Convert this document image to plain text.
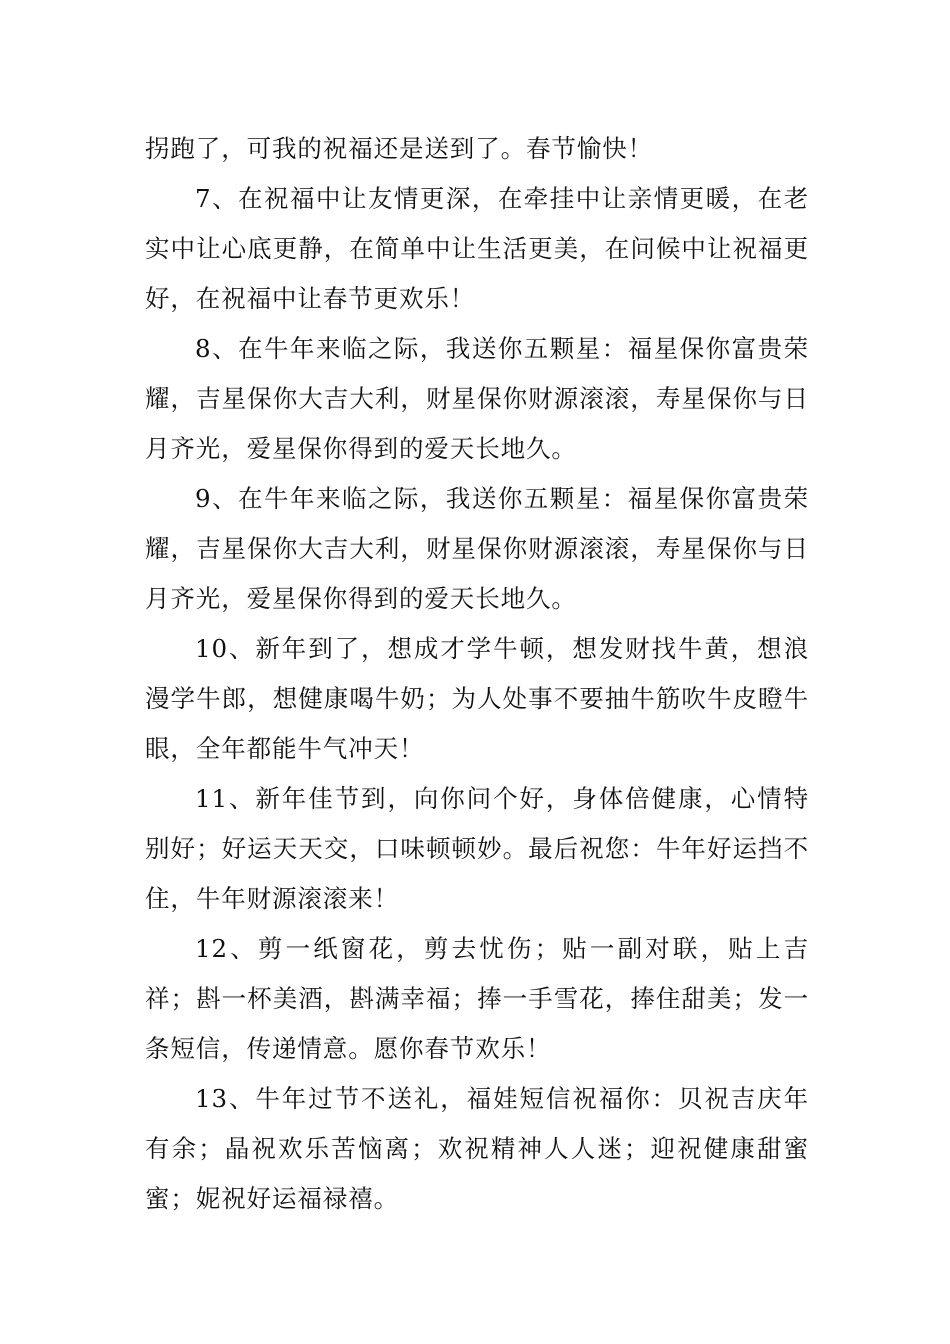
拐跑了，可我的祝福还是送到了。春节愉快！

7、在祝福中让友情更深，在牵挂中让亲情更暖，在老实中让心底更静，在简单中让生活更美，在问候中让祝福更好，在祝福中让春节更欢乐！

8、在牛年来临之际，我送你五颗星：福星保你富贵荣耀，吉星保你大吉大利，财星保你财源滚滚，寿星保你与日月齐光，爱星保你得到的爱天长地久。

9、在牛年来临之际，我送你五颗星：福星保你富贵荣耀，吉星保你大吉大利，财星保你财源滚滚，寿星保你与日月齐光，爱星保你得到的爱天长地久。

10、新年到了，想成才学牛顿，想发财找牛黄，想浪漫学牛郎，想健康喝牛奶；为人处事不要抽牛筋吹牛皮瞪牛眼，全年都能牛气冲天！

11、新年佳节到，向你问个好，身体倍健康，心情特别好；好运天天交，口味顿顿妙。最后祝您：牛年好运挡不住，牛年财源滚滚来！

12、剪一纸窗花，剪去忧伤；贴一副对联，贴上吉祥；斟一杯美酒，斟满幸福；捧一手雪花，捧住甜美；发一条短信，传递情意。愿你春节欢乐！

13、牛年过节不送礼，福娃短信祝福你：贝祝吉庆年有余；晶祝欢乐苦恼离；欢祝精神人人迷；迎祝健康甜蜜蜜；妮祝好运福禄禧。
